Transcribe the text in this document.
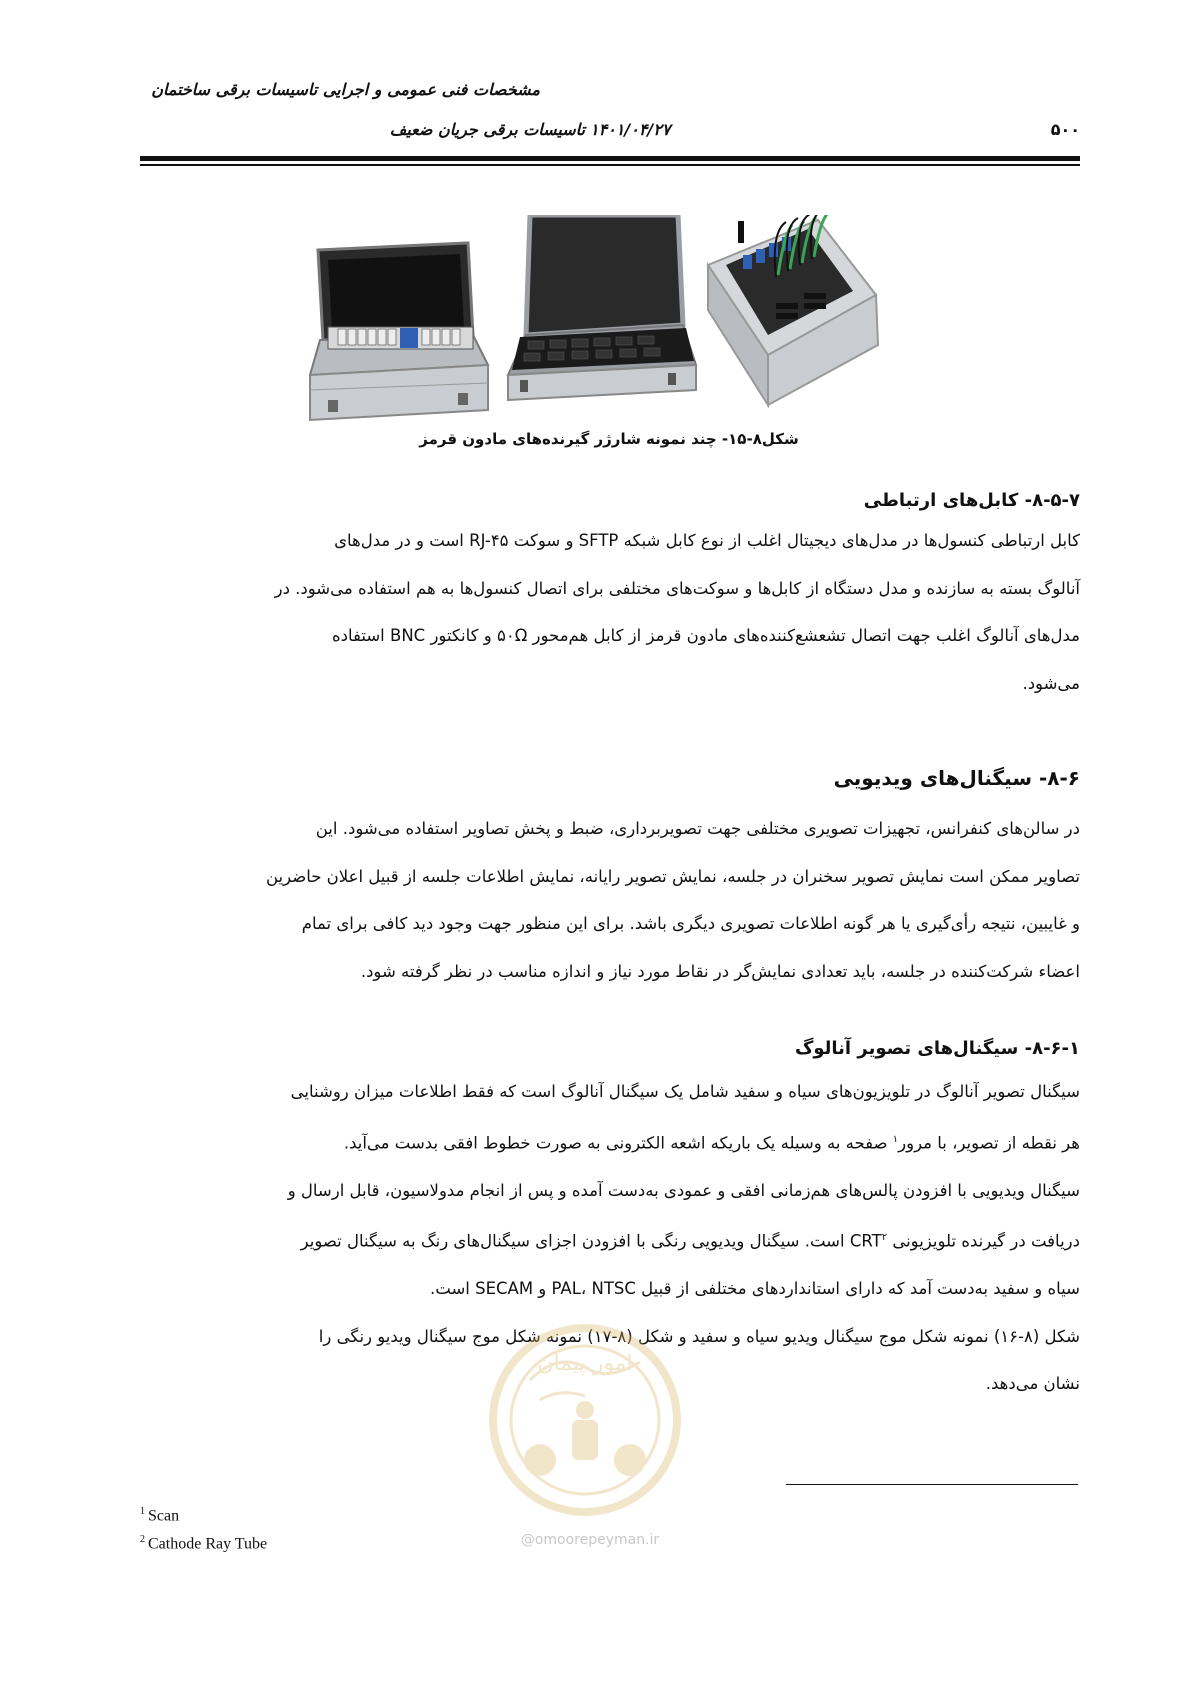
مشخصات فنی عمومی و اجرایی تاسیسات برقی ساختمان
تاسیسات برقی جریان ضعیف ۱۴۰۱/۰۴/۲۷	۵۰۰
شکل۸-۱۵- چند نمونه شارژر گیرنده‌های مادون قرمز
۸-۵-۷- کابل‌های ارتباطی
کابل ارتباطی کنسول‌ها در مدل‌های دیجیتال اغلب از نوع کابل شبکه SFTP و سوکت RJ-۴۵ است و در مدل‌های
آنالوگ بسته به سازنده و مدل دستگاه از کابل‌ها و سوکت‌های مختلفی برای اتصال کنسول‌ها به هم استفاده می‌شود. در
مدل‌های آنالوگ اغلب جهت اتصال تشعشع‌کننده‌های مادون قرمز از کابل هم‌محور ۵۰Ω و کانکتور BNC استفاده
می‌شود.
۸-۶- سیگنال‌های ویدیویی
در سالن‌های کنفرانس، تجهیزات تصویری مختلفی جهت تصویربرداری، ضبط و پخش تصاویر استفاده می‌شود. این
تصاویر ممکن است نمایش تصویر سخنران در جلسه، نمایش تصویر رایانه، نمایش اطلاعات جلسه از قبیل اعلان حاضرین
و غایبین، نتیجه رأی‌گیری یا هر گونه اطلاعات تصویری دیگری باشد. برای این منظور جهت وجود دید کافی برای تمام
اعضاء شرکت‌کننده در جلسه، باید تعدادی نمایش‌گر در نقاط مورد نیاز و اندازه مناسب در نظر گرفته شود.
۸-۶-۱- سیگنال‌های تصویر آنالوگ
سیگنال تصویر آنالوگ در تلویزیون‌های سیاه و سفید شامل یک سیگنال آنالوگ است که فقط اطلاعات میزان روشنایی
هر نقطه از تصویر، با مرور$^۱$ صفحه به وسیله یک باریکه اشعه الکترونی به صورت خطوط افقی بدست می‌آید.
سیگنال ویدیویی با افزودن پالس‌های هم‌زمانی افقی و عمودی به‌دست آمده و پس از انجام مدولاسیون، قابل ارسال و
دریافت در گیرنده تلویزیونی CRT$^۲$ است. سیگنال ویدیویی رنگی با افزودن اجزای سیگنال‌های رنگ به سیگنال تصویر
سیاه و سفید به‌دست آمد که دارای استانداردهای مختلفی از قبیل PAL، NTSC و SECAM است.
شکل (۸-۱۶) نمونه شکل موج سیگنال ویدیو سیاه و سفید و شکل (۸-۱۷) نمونه شکل موج سیگنال ویدیو رنگی را
نشان می‌دهد.
امور پیمان
@omoorepeyman.ir
$^1$ Scan
$^2$ Cathode Ray Tube
